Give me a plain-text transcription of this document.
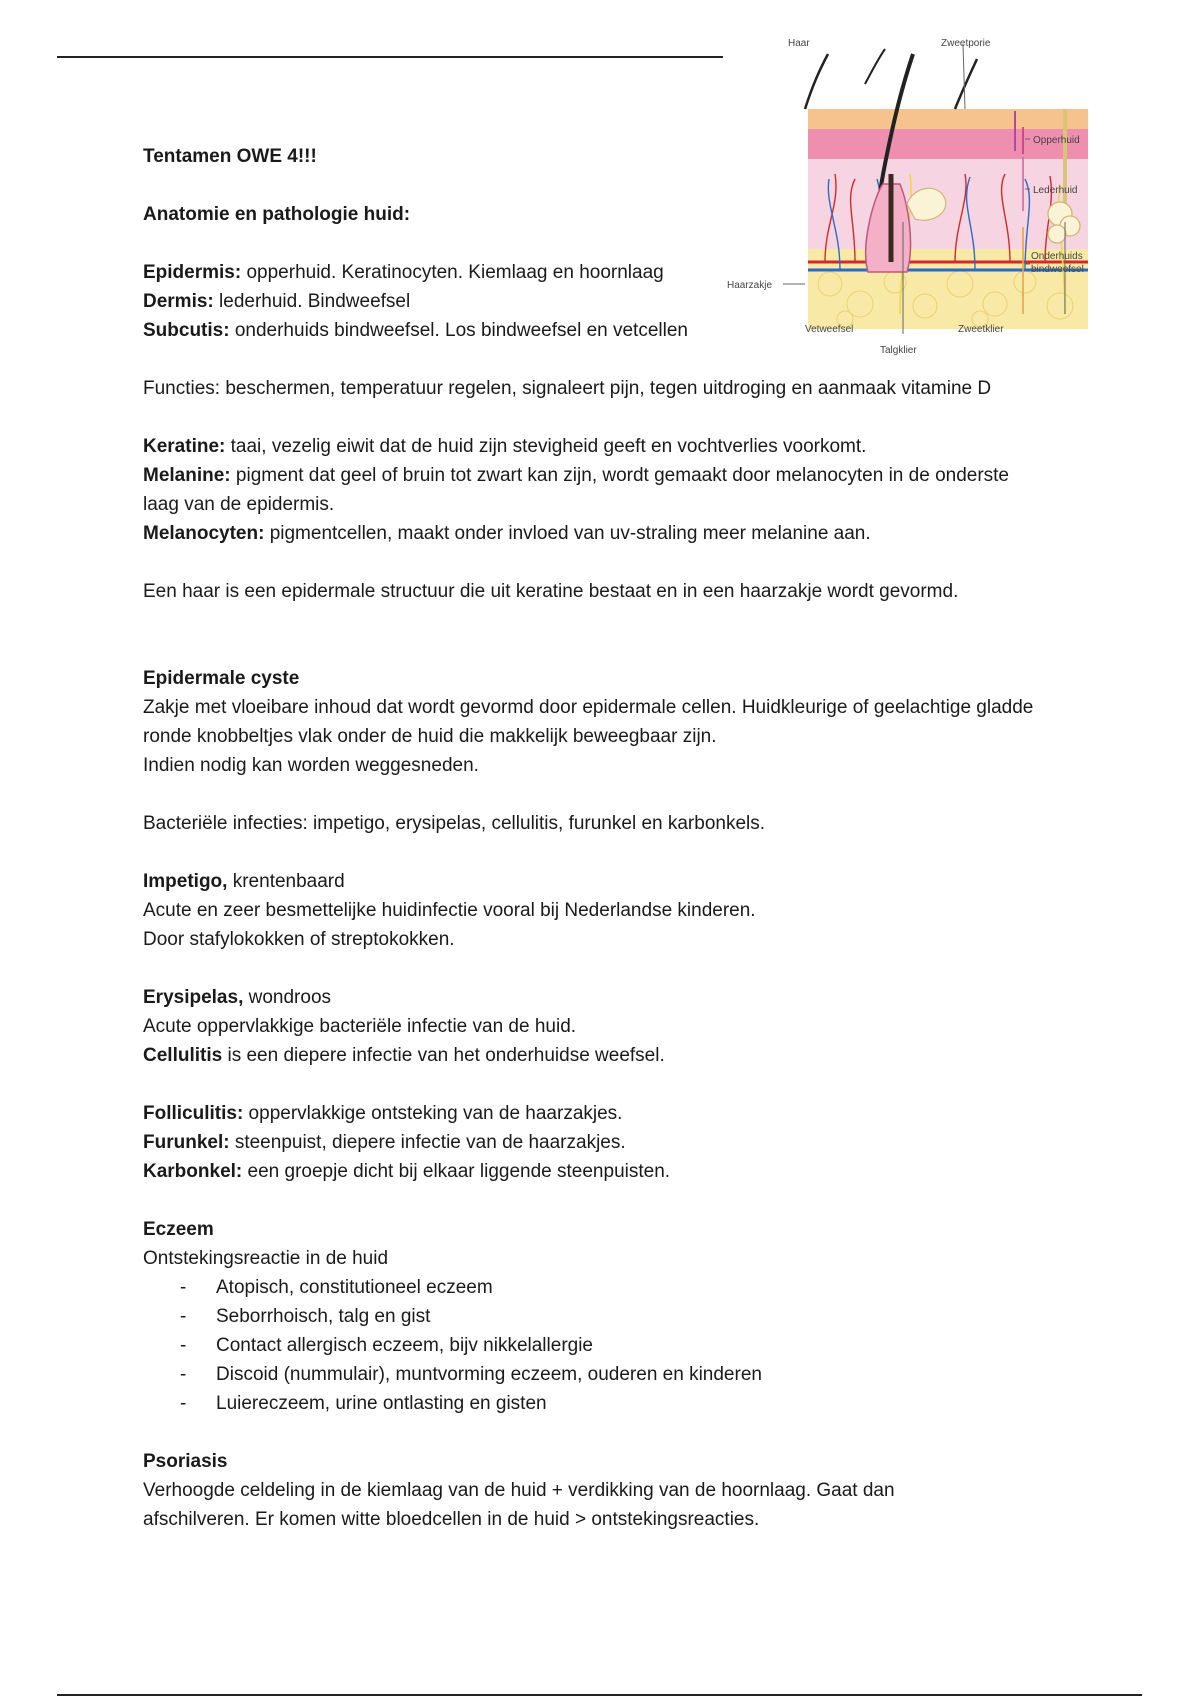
Haar	Zweetporie
Opperhuid
Lederhuid
Onderhuids
bindweefsel
Haarzakje
Vetweefsel
Talgklier
Zweetklier

Tentamen OWE 4!!!

Anatomie en pathologie huid:

Epidermis: opperhuid. Keratinocyten. Kiemlaag en hoornlaag

Dermis: lederhuid. Bindweefsel

Subcutis: onderhuids bindweefsel. Los bindweefsel en vetcellen

Functies: beschermen, temperatuur regelen, signaleert pijn, tegen uitdroging en aanmaak vitamine D

Keratine: taai, vezelig eiwit dat de huid zijn stevigheid geeft en vochtverlies voorkomt.

Melanine: pigment dat geel of bruin tot zwart kan zijn, wordt gemaakt door melanocyten in de onderste laag van de epidermis.

Melanocyten: pigmentcellen, maakt onder invloed van uv-straling meer melanine aan.

Een haar is een epidermale structuur die uit keratine bestaat en in een haarzakje wordt gevormd.

Epidermale cyste

Zakje met vloeibare inhoud dat wordt gevormd door epidermale cellen. Huidkleurige of geelachtige gladde ronde knobbeltjes vlak onder de huid die makkelijk beweegbaar zijn.

Indien nodig kan worden weggesneden.

Bacteriële infecties: impetigo, erysipelas, cellulitis, furunkel en karbonkels.

Impetigo, krentenbaard

Acute en zeer besmettelijke huidinfectie vooral bij Nederlandse kinderen.

Door stafylokokken of streptokokken.

Erysipelas, wondroos

Acute oppervlakkige bacteriële infectie van de huid.

Cellulitis is een diepere infectie van het onderhuidse weefsel.

Folliculitis: oppervlakkige ontsteking van de haarzakjes.

Furunkel: steenpuist, diepere infectie van de haarzakjes.

Karbonkel: een groepje dicht bij elkaar liggende steenpuisten.

Eczeem

Ontstekingsreactie in de huid

- Atopisch, constitutioneel eczeem
- Seborrhoisch, talg en gist
- Contact allergisch eczeem, bijv nikkelallergie
- Discoid (nummulair), muntvorming eczeem, ouderen en kinderen
- Luiereczeem, urine ontlasting en gisten

Psoriasis

Verhoogde celdeling in de kiemlaag van de huid + verdikking van de hoornlaag. Gaat dan afschilveren. Er komen witte bloedcellen in de huid > ontstekingsreacties.
